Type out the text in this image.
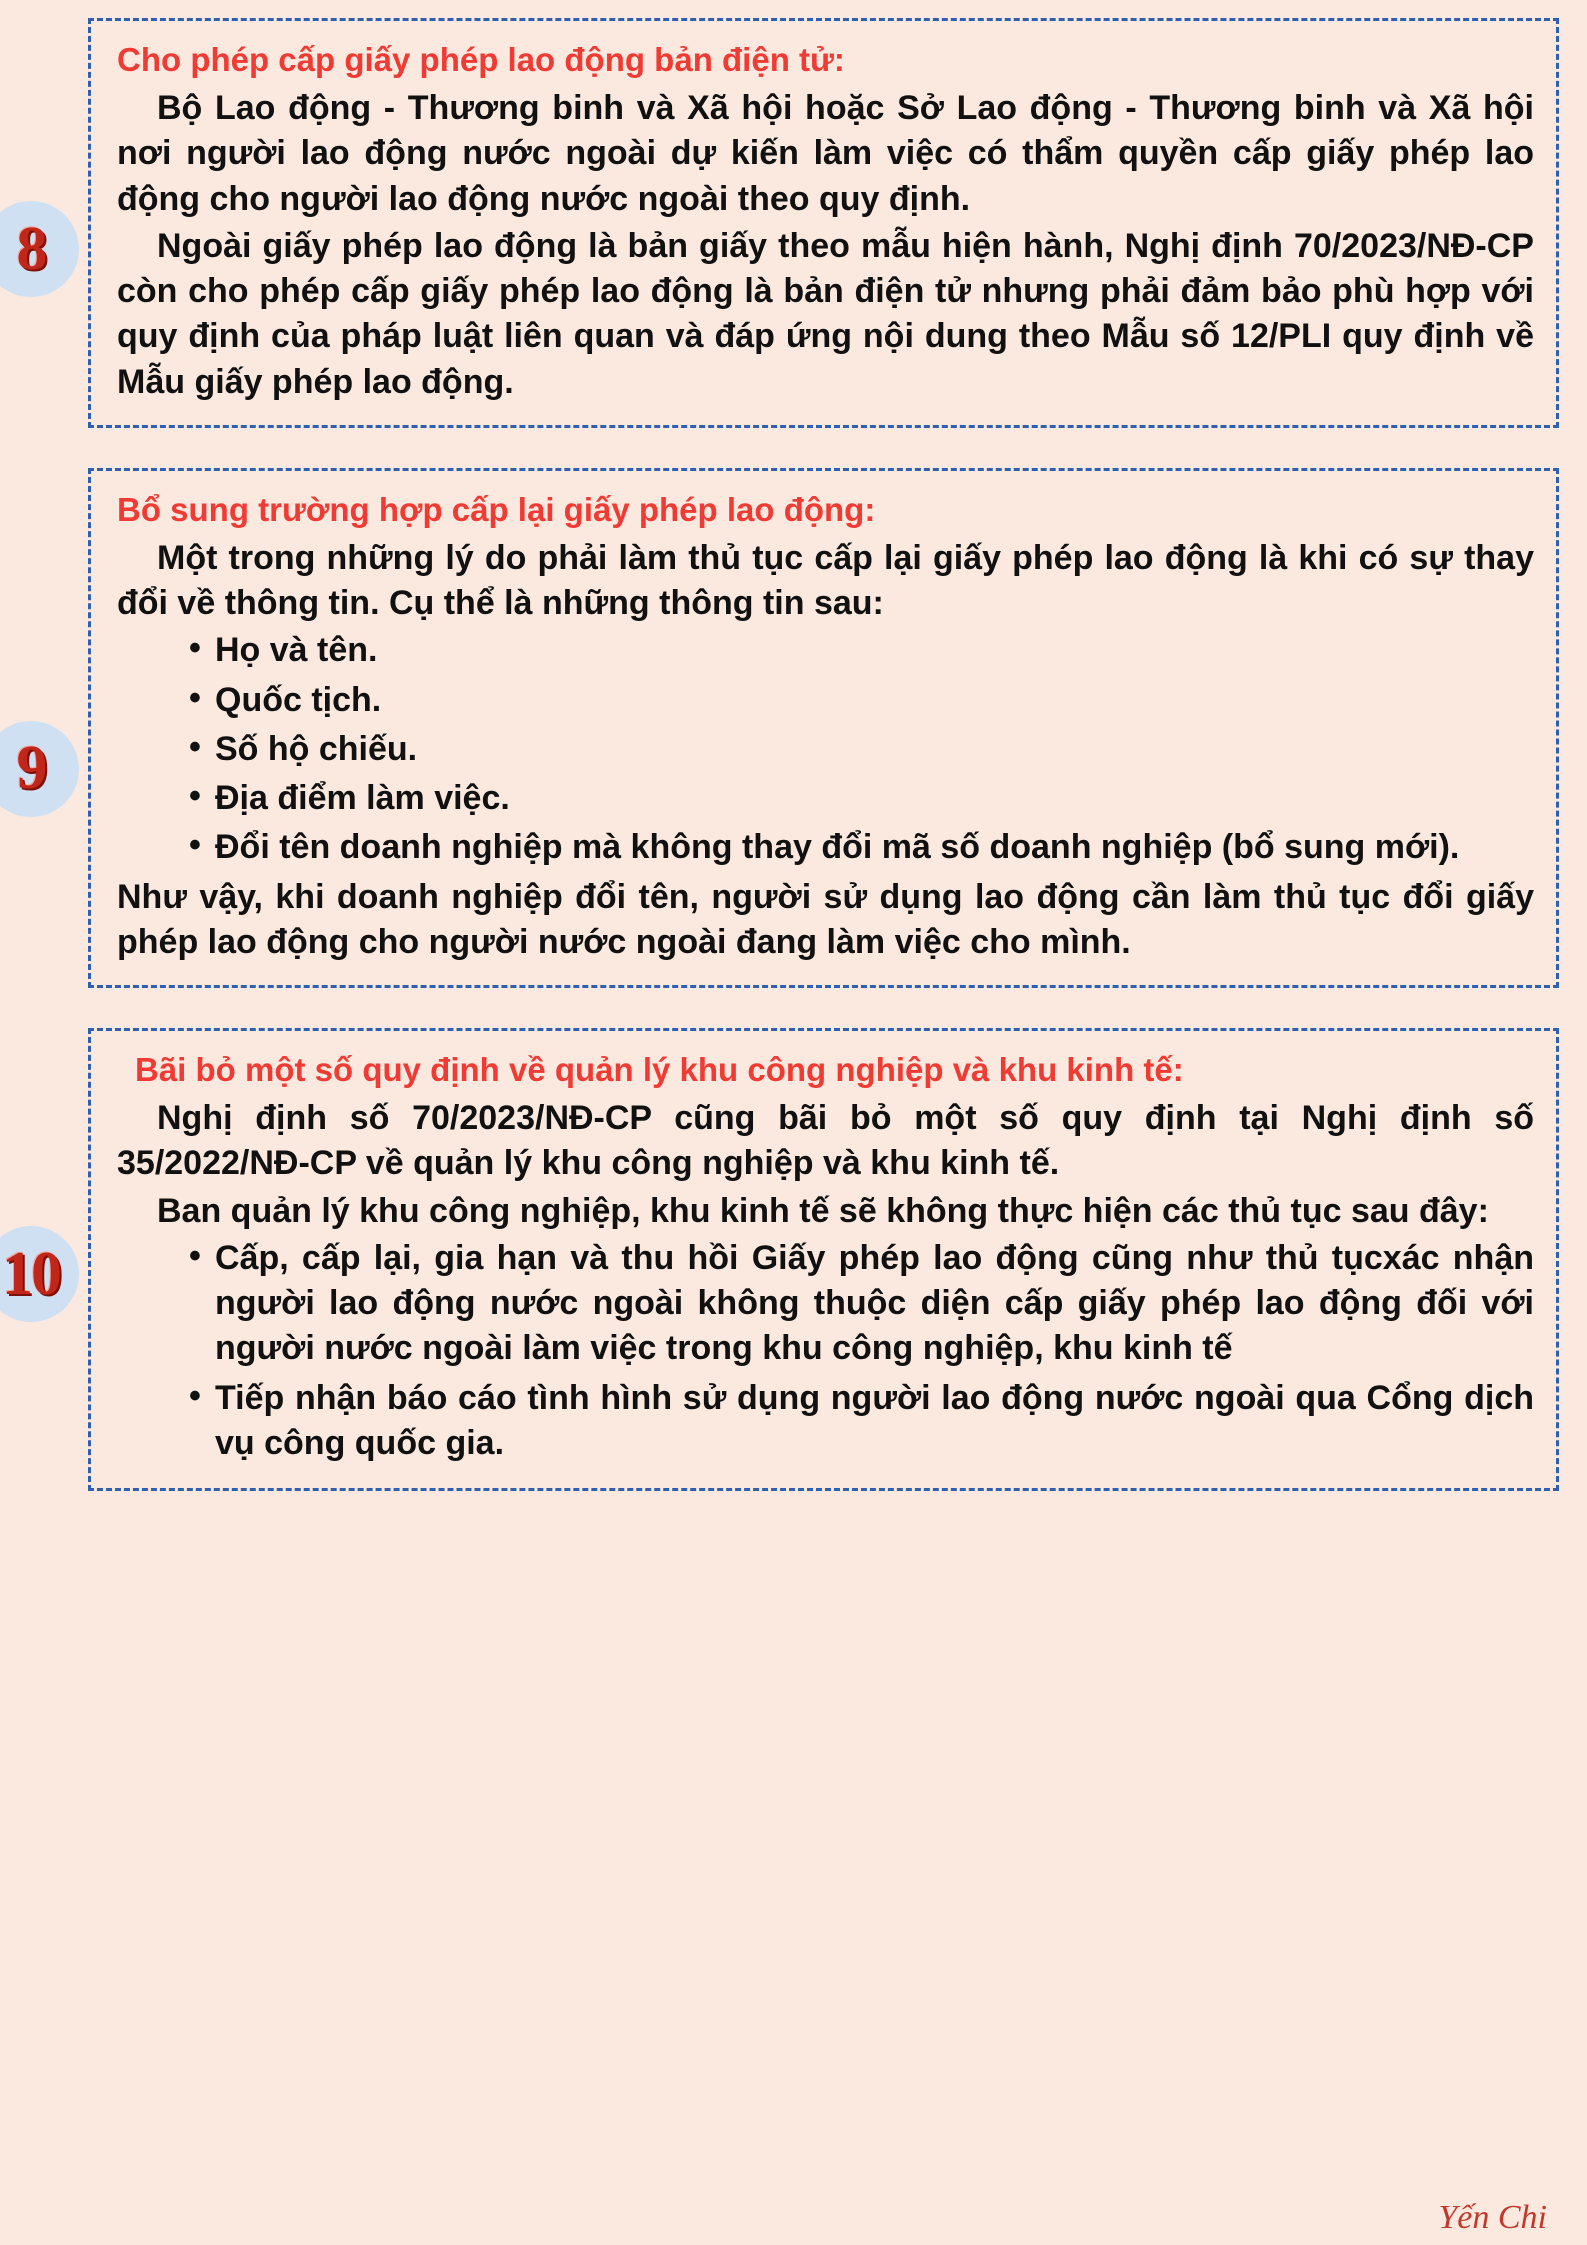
8
Cho phép cấp giấy phép lao động bản điện tử:

Bộ Lao động - Thương binh và Xã hội hoặc Sở Lao động - Thương binh và Xã hội nơi người lao động nước ngoài dự kiến làm việc có thẩm quyền cấp giấy phép lao động cho người lao động nước ngoài theo quy định.

Ngoài giấy phép lao động là bản giấy theo mẫu hiện hành, Nghị định 70/2023/NĐ-CP còn cho phép cấp giấy phép lao động là bản điện tử nhưng phải đảm bảo phù hợp với quy định của pháp luật liên quan và đáp ứng nội dung theo Mẫu số 12/PLI quy định về Mẫu giấy phép lao động.

9
Bổ sung trường hợp cấp lại giấy phép lao động:

Một trong những lý do phải làm thủ tục cấp lại giấy phép lao động là khi có sự thay đổi về thông tin. Cụ thể là những thông tin sau:

• Họ và tên.
• Quốc tịch.
• Số hộ chiếu.
• Địa điểm làm việc.
• Đổi tên doanh nghiệp mà không thay đổi mã số doanh nghiệp (bổ sung mới).

Như vậy, khi doanh nghiệp đổi tên, người sử dụng lao động cần làm thủ tục đổi giấy phép lao động cho người nước ngoài đang làm việc cho mình.

10
Bãi bỏ một số quy định về quản lý khu công nghiệp và khu kinh tế:

Nghị định số 70/2023/NĐ-CP cũng bãi bỏ một số quy định tại Nghị định số 35/2022/NĐ-CP về quản lý khu công nghiệp và khu kinh tế.

Ban quản lý khu công nghiệp, khu kinh tế sẽ không thực hiện các thủ tục sau đây:

• Cấp, cấp lại, gia hạn và thu hồi Giấy phép lao động cũng như thủ tụcxác nhận người lao động nước ngoài không thuộc diện cấp giấy phép lao động đối với người nước ngoài làm việc trong khu công nghiệp, khu kinh tế
• Tiếp nhận báo cáo tình hình sử dụng người lao động nước ngoài qua Cổng dịch vụ công quốc gia.
Yến Chi
